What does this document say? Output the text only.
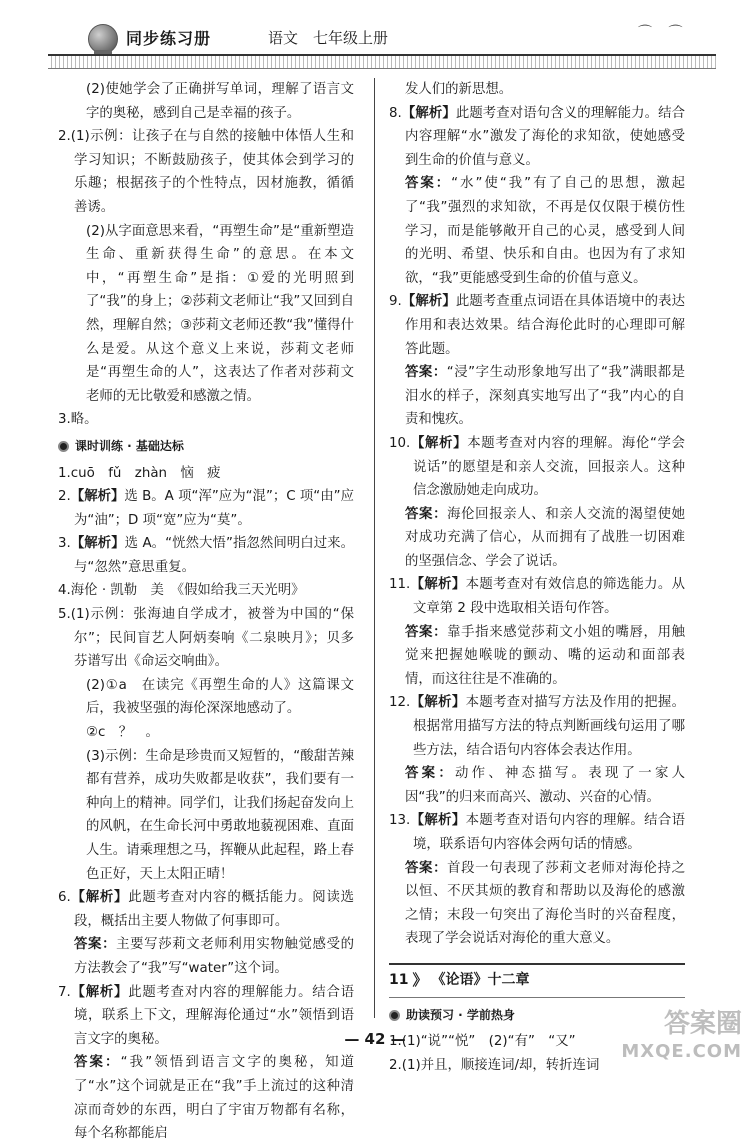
同步练习册	语文 七年级上册	⌒ ⌒
(2)使她学会了正确拼写单词，理解了语言文字的奥秘，感到自己是幸福的孩子。
2.(1)示例：让孩子在与自然的接触中体悟人生和学习知识；不断鼓励孩子，使其体会到学习的乐趣；根据孩子的个性特点，因材施教，循循善诱。
(2)从字面意思来看，“再塑生命”是“重新塑造生命、重新获得生命”的意思。在本文中，“再塑生命”是指：①爱的光明照到了“我”的身上；②莎莉文老师让“我”又回到自然，理解自然；③莎莉文老师还教“我”懂得什么是爱。从这个意义上来说，莎莉文老师是“再塑生命的人”，这表达了作者对莎莉文老师的无比敬爱和感激之情。
3.略。
课时训练 · 基础达标
1.cuō　fǔ　zhàn　恼　疲
2.【解析】选 B。A 项“浑”应为“混”；C 项“由”应为“油”；D 项“宽”应为“莫”。
3.【解析】选 A。“恍然大悟”指忽然间明白过来。与“忽然”意思重复。
4.海伦 · 凯勒　美　《假如给我三天光明》
5.(1)示例：张海迪自学成才，被誉为中国的“保尔”；民间盲艺人阿炳奏响《二泉映月》；贝多芬谱写出《命运交响曲》。
(2)①a　在读完《再塑生命的人》这篇课文后，我被坚强的海伦深深地感动了。
②c　？　。
(3)示例：生命是珍贵而又短暂的，“酸甜苦辣都有营养，成功失败都是收获”，我们要有一种向上的精神。同学们，让我们扬起奋发向上的风帆，在生命长河中勇敢地藐视困难、直面人生。请乘理想之马，挥鞭从此起程，路上春色正好，天上太阳正晴！
6.【解析】此题考查对内容的概括能力。阅读选段，概括出主要人物做了何事即可。
答案：主要写莎莉文老师利用实物触觉感受的方法教会了“我”写“water”这个词。
7.【解析】此题考查对内容的理解能力。结合语境，联系上下文，理解海伦通过“水”领悟到语言文字的奥秘。
答案：“我”领悟到语言文字的奥秘，知道了“水”这个词就是正在“我”手上流过的这种清凉而奇妙的东西，明白了宇宙万物都有名称，每个名称都能启
发人们的新思想。
8.【解析】此题考查对语句含义的理解能力。结合内容理解“水”激发了海伦的求知欲，使她感受到生命的价值与意义。
答案：“水”使“我”有了自己的思想，激起了“我”强烈的求知欲，不再是仅仅限于模仿性学习，而是能够敞开自己的心灵，感受到人间的光明、希望、快乐和自由。也因为有了求知欲，“我”更能感受到生命的价值与意义。
9.【解析】此题考查重点词语在具体语境中的表达作用和表达效果。结合海伦此时的心理即可解答此题。
答案：“浸”字生动形象地写出了“我”满眼都是泪水的样子，深刻真实地写出了“我”内心的自责和愧疚。
10.【解析】本题考查对内容的理解。海伦“学会说话”的愿望是和亲人交流，回报亲人。这种信念激励她走向成功。
答案：海伦回报亲人、和亲人交流的渴望使她对成功充满了信心，从而拥有了战胜一切困难的坚强信念、学会了说话。
11.【解析】本题考查对有效信息的筛选能力。从文章第 2 段中选取相关语句作答。
答案：靠手指来感觉莎莉文小姐的嘴唇，用触觉来把握她喉咙的颤动、嘴的运动和面部表情，而这往往是不准确的。
12.【解析】本题考查对描写方法及作用的把握。根据常用描写方法的特点判断画线句运用了哪些方法，结合语句内容体会表达作用。
答案：动作、神态描写。表现了一家人因“我”的归来而高兴、激动、兴奋的心情。
13.【解析】本题考查对语句内容的理解。结合语境，联系语句内容体会两句话的情感。
答案：首段一句表现了莎莉文老师对海伦持之以恒、不厌其烦的教育和帮助以及海伦的感激之情；末段一句突出了海伦当时的兴奋程度，表现了学会说话对海伦的重大意义。
11 》 《论语》十二章
助读预习 · 学前热身
1.(1)“说”“悦”　(2)“有”　“又”
2.(1)并且，顺接连词/却，转折连词
— 42 —	答案圈
MXQE.COM
